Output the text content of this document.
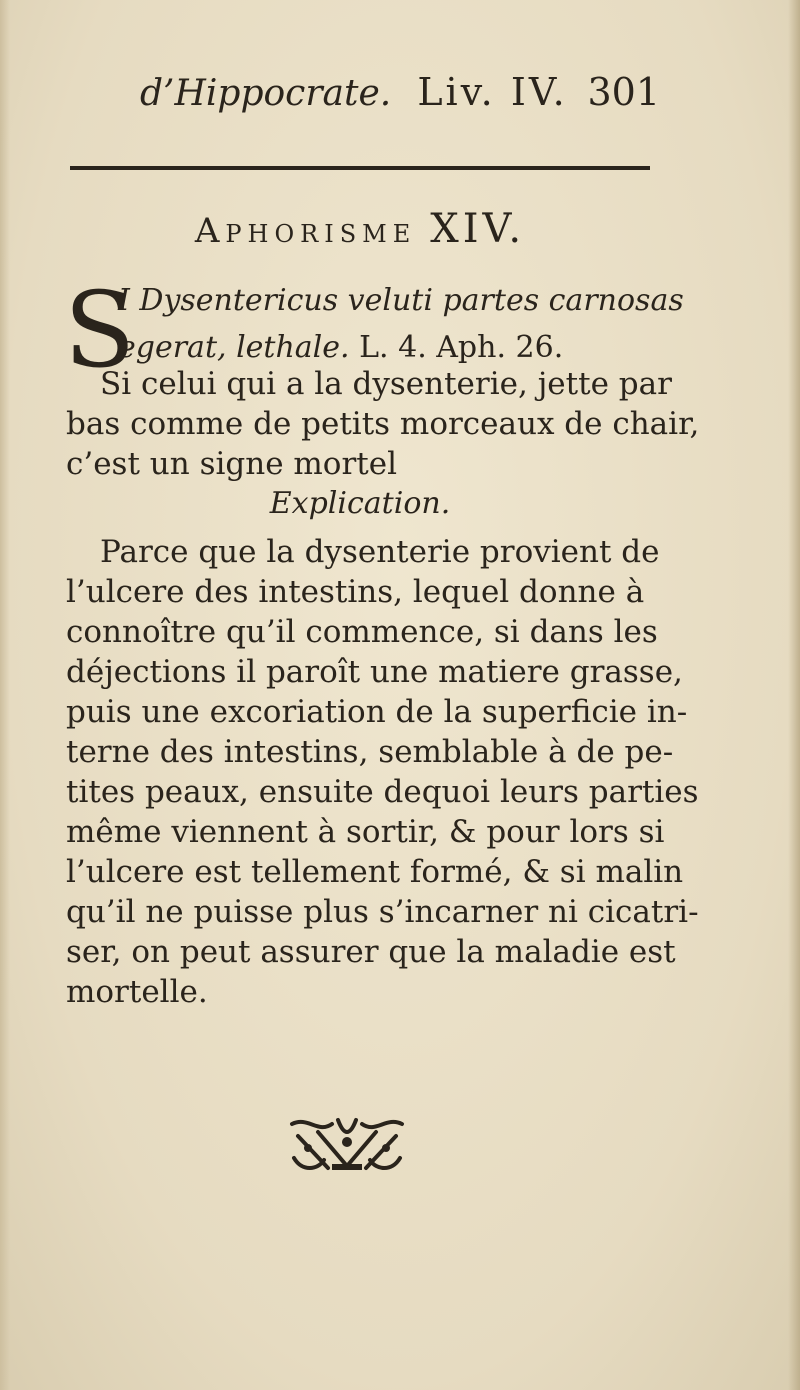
d’Hippocrate. Liv. IV. 301
Aphorisme XIV.
S
I Dysentericus veluti partes carnosas
egerat, lethale. L. 4. Aph. 26.
Si celui qui a la dysenterie, jette par
bas comme de petits morceaux de chair,
c’est un signe mortel
Explication.
Parce que la dysenterie provient de
l’ulcere des intestins, lequel donne à
connoître qu’il commence, si dans les
déjections il paroît une matiere grasse,
puis une excoriation de la superficie in-
terne des intestins, semblable à de pe-
tites peaux, ensuite dequoi leurs parties
même viennent à sortir, & pour lors si
l’ulcere est tellement formé, & si malin
qu’il ne puisse plus s’incarner ni cicatri-
ser, on peut assurer que la maladie est
mortelle.
